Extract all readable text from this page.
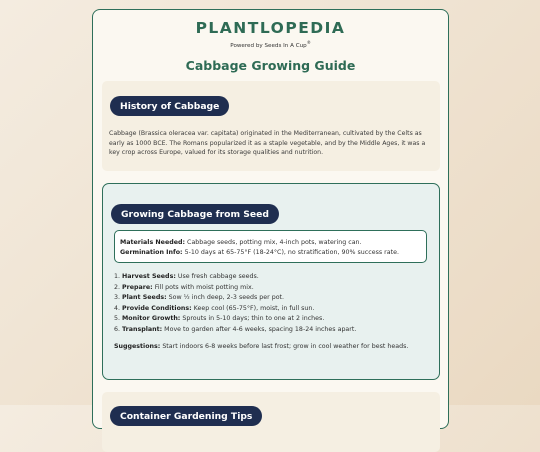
PLANTLOPEDIA
Powered by Seeds In A Cup®
Cabbage Growing Guide
History of Cabbage

Cabbage (Brassica oleracea var. capitata) originated in the Mediterranean, cultivated by the Celts as early as 1000 BCE. The Romans popularized it as a staple vegetable, and by the Middle Ages, it was a key crop across Europe, valued for its storage qualities and nutrition.

Growing Cabbage from Seed
Materials Needed: Cabbage seeds, potting mix, 4-inch pots, watering can.
Germination Info: 5-10 days at 65-75°F (18-24°C), no stratification, 90% success rate.
1. Harvest Seeds: Use fresh cabbage seeds.
2. Prepare: Fill pots with moist potting mix.
3. Plant Seeds: Sow ½ inch deep, 2-3 seeds per pot.
4. Provide Conditions: Keep cool (65-75°F), moist, in full sun.
5. Monitor Growth: Sprouts in 5-10 days; thin to one at 2 inches.
6. Transplant: Move to garden after 4-6 weeks, spacing 18-24 inches apart.
Suggestions: Start indoors 6-8 weeks before last frost; grow in cool weather for best heads.
Container Gardening Tips
